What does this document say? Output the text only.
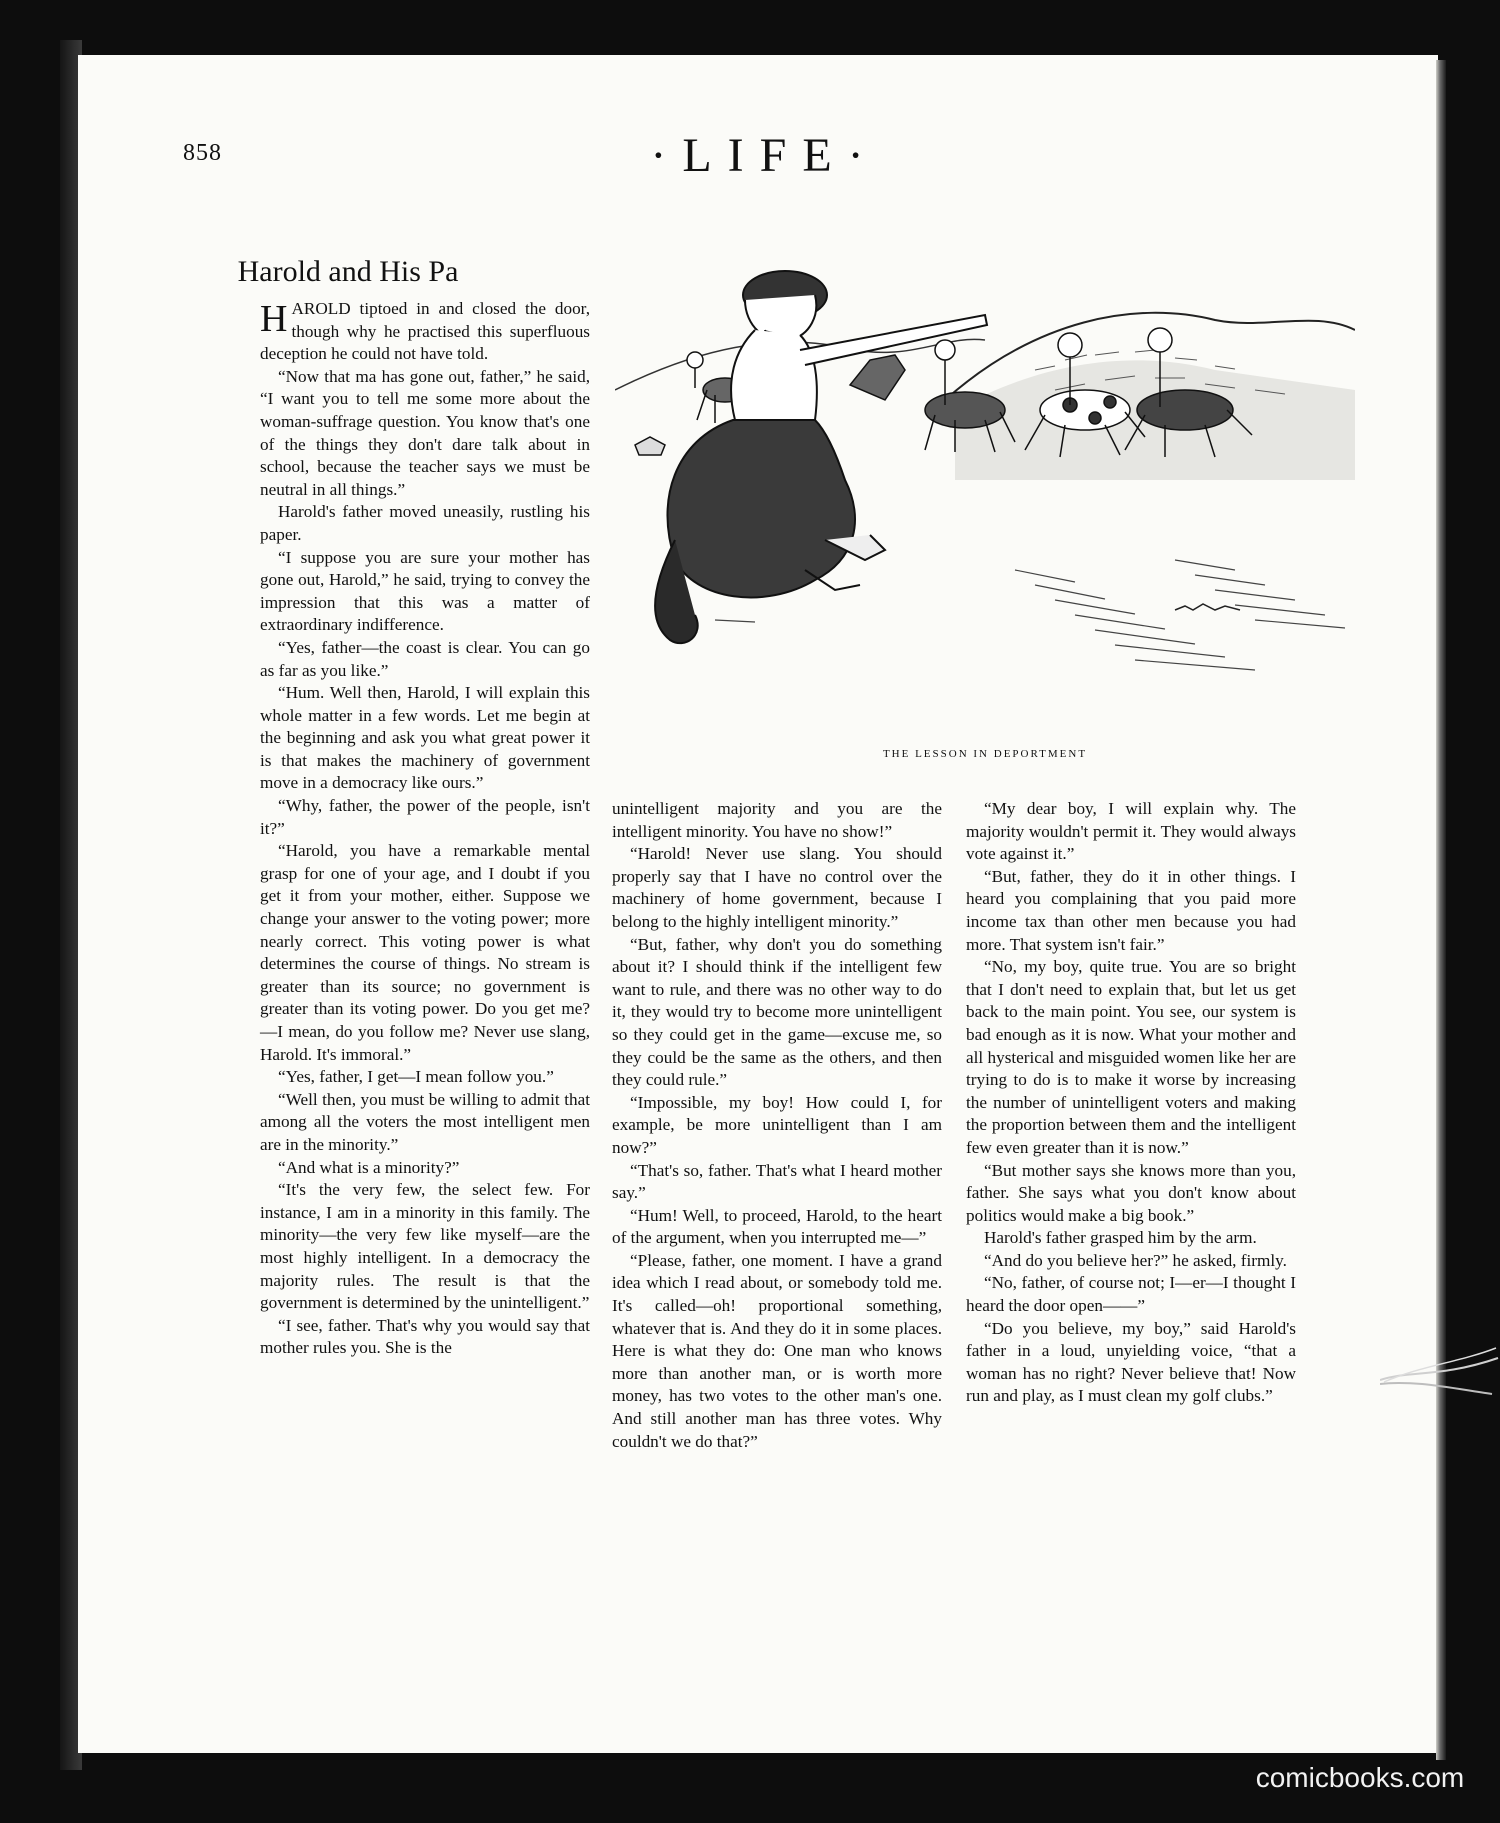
858	·LIFE·
Harold and His Pa

HAROLD tiptoed in and closed the door, though why he practised this superfluous deception he could not have told.

“Now that ma has gone out, father,” he said, “I want you to tell me some more about the woman-suffrage question. You know that's one of the things they don't dare talk about in school, because the teacher says we must be neutral in all things.”

Harold's father moved uneasily, rustling his paper.

“I suppose you are sure your mother has gone out, Harold,” he said, trying to convey the impression that this was a matter of extraordinary indifference.

“Yes, father—the coast is clear. You can go as far as you like.”

“Hum. Well then, Harold, I will explain this whole matter in a few words. Let me begin at the beginning and ask you what great power it is that makes the machinery of government move in a democracy like ours.”

“Why, father, the power of the people, isn't it?”

“Harold, you have a remarkable mental grasp for one of your age, and I doubt if you get it from your mother, either. Suppose we change your answer to the voting power; more nearly correct. This voting power is what determines the course of things. No stream is greater than its source; no government is greater than its voting power. Do you get me?—I mean, do you follow me? Never use slang, Harold. It's immoral.”

“Yes, father, I get—I mean follow you.”

“Well then, you must be willing to admit that among all the voters the most intelligent men are in the minority.”

“And what is a minority?”

“It's the very few, the select few. For instance, I am in a minority in this family. The minority—the very few like myself—are the most highly intelligent. In a democracy the majority rules. The result is that the government is determined by the unintelligent.”

“I see, father. That's why you would say that mother rules you. She is the

THE LESSON IN DEPORTMENT

unintelligent majority and you are the intelligent minority. You have no show!”

“Harold! Never use slang. You should properly say that I have no control over the machinery of home government, because I belong to the highly intelligent minority.”

“But, father, why don't you do something about it? I should think if the intelligent few want to rule, and there was no other way to do it, they would try to become more unintelligent so they could get in the game—excuse me, so they could be the same as the others, and then they could rule.”

“Impossible, my boy! How could I, for example, be more unintelligent than I am now?”

“That's so, father. That's what I heard mother say.”

“Hum! Well, to proceed, Harold, to the heart of the argument, when you interrupted me—”

“Please, father, one moment. I have a grand idea which I read about, or somebody told me. It's called—oh! proportional something, whatever that is. And they do it in some places. Here is what they do: One man who knows more than another man, or is worth more money, has two votes to the other man's one. And still another man has three votes. Why couldn't we do that?”

“My dear boy, I will explain why. The majority wouldn't permit it. They would always vote against it.”

“But, father, they do it in other things. I heard you complaining that you paid more income tax than other men because you had more. That system isn't fair.”

“No, my boy, quite true. You are so bright that I don't need to explain that, but let us get back to the main point. You see, our system is bad enough as it is now. What your mother and all hysterical and misguided women like her are trying to do is to make it worse by increasing the number of unintelligent voters and making the proportion between them and the intelligent few even greater than it is now.”

“But mother says she knows more than you, father. She says what you don't know about politics would make a big book.”

Harold's father grasped him by the arm.

“And do you believe her?” he asked, firmly.

“No, father, of course not; I—er—I thought I heard the door open——”

“Do you believe, my boy,” said Harold's father in a loud, unyielding voice, “that a woman has no right? Never believe that! Now run and play, as I must clean my golf clubs.”

comicbooks.com
